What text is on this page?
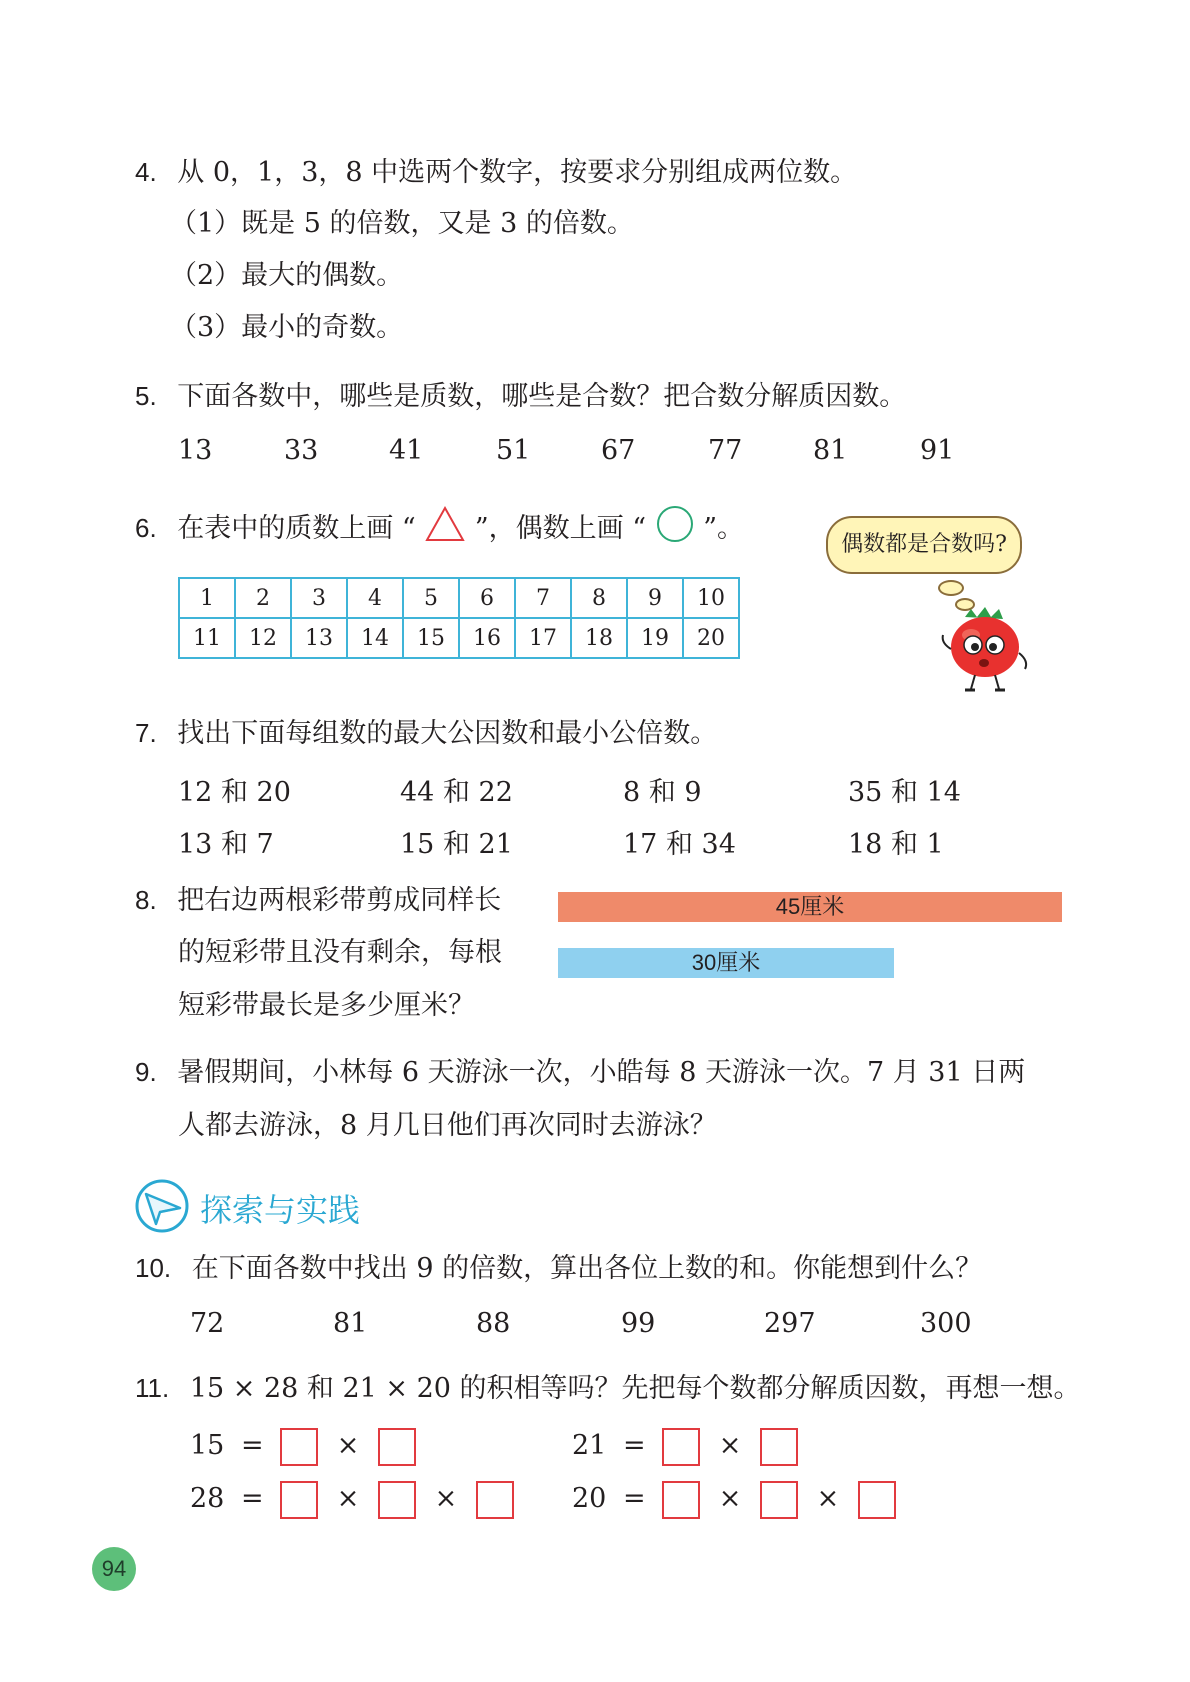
4. 从 0，1，3，8 中选两个数字，按要求分别组成两位数。
（1）既是 5 的倍数，又是 3 的倍数。
（2）最大的偶数。
（3）最小的奇数。
5. 下面各数中，哪些是质数，哪些是合数？把合数分解质因数。
13	33	41	51	67	77	81	91
6. 在表中的质数上画 “ ”，偶数上画 “ ”。
1	2	3	4	5	6	7	8	9	10
11	12	13	14	15	16	17	18	19	20
偶数都是合数吗?
7. 找出下面每组数的最大公因数和最小公倍数。
12 和 20	44 和 22	8 和 9	35 和 14
13 和 7	15 和 21	17 和 34	18 和 1
8. 把右边两根彩带剪成同样长
的短彩带且没有剩余，每根
短彩带最长是多少厘米？
45厘米
30厘米
9. 暑假期间，小林每 6 天游泳一次，小皓每 8 天游泳一次。7 月 31 日两
人都去游泳，8 月几日他们再次同时去游泳？
探索与实践
10. 在下面各数中找出 9 的倍数，算出各位上数的和。你能想到什么？
72	81	88	99	297	300
11. 15 × 28 和 21 × 20 的积相等吗？先把每个数都分解质因数，再想一想。
15 =	×	21 =	×
28 =	×	×	20 =	×	×
94
